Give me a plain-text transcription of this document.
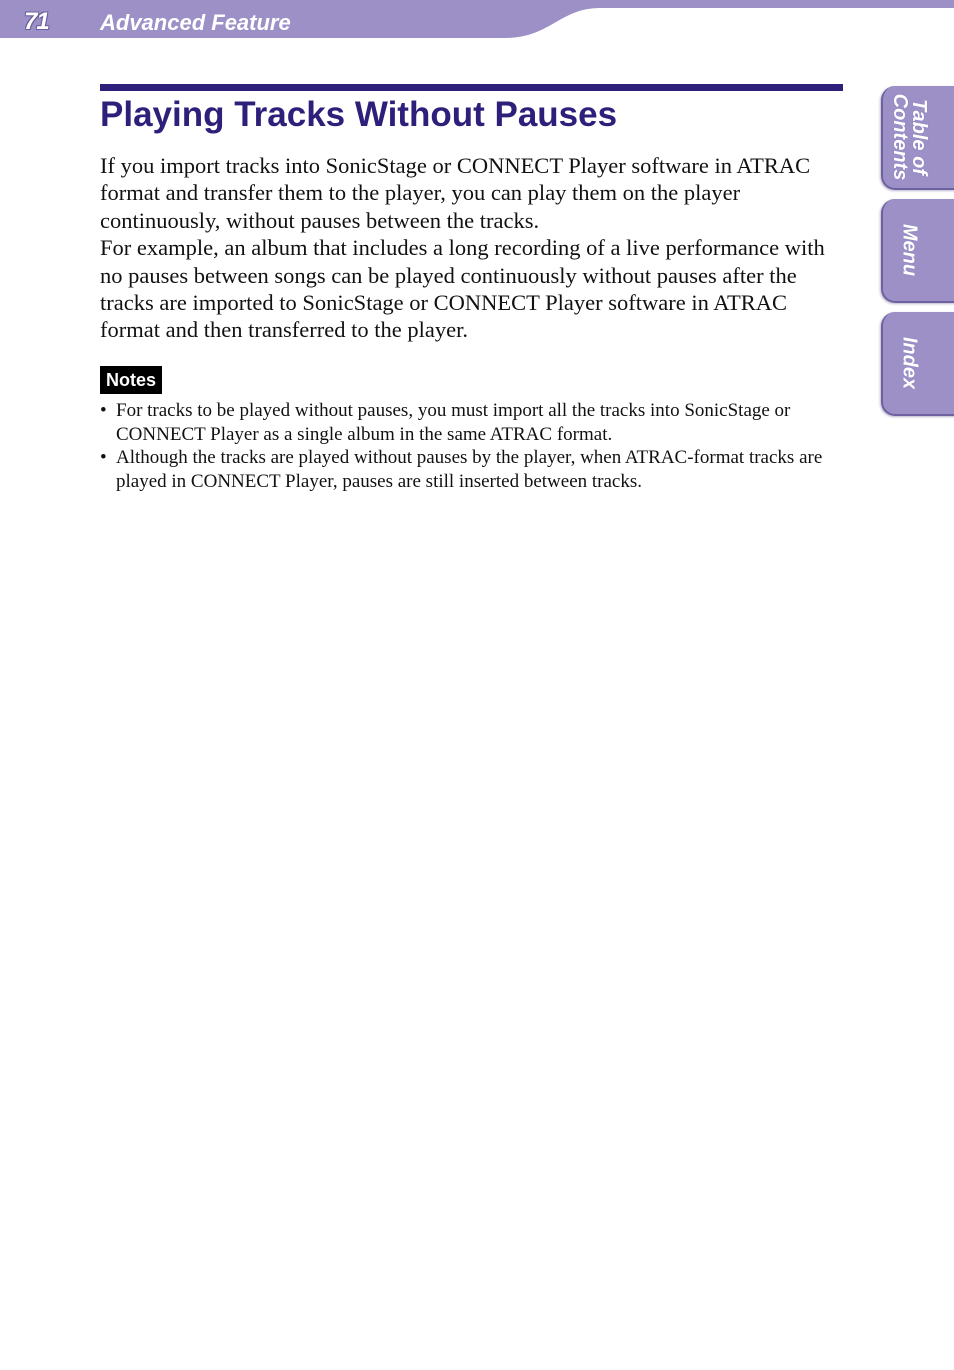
71 Advanced Feature
Playing Tracks Without Pauses

If you import tracks into SonicStage or CONNECT Player software in ATRAC format and transfer them to the player, you can play them on the player continuously, without pauses between the tracks.

For example, an album that includes a long recording of a live performance with no pauses between songs can be played continuously without pauses after the tracks are imported to SonicStage or CONNECT Player software in ATRAC format and then transferred to the player.

Notes
• For tracks to be played without pauses, you must import all the tracks into SonicStage or CONNECT Player as a single album in the same ATRAC format.
• Although the tracks are played without pauses by the player, when ATRAC-format tracks are played in CONNECT Player, pauses are still inserted between tracks.
Table of
Contents
Menu
Index
